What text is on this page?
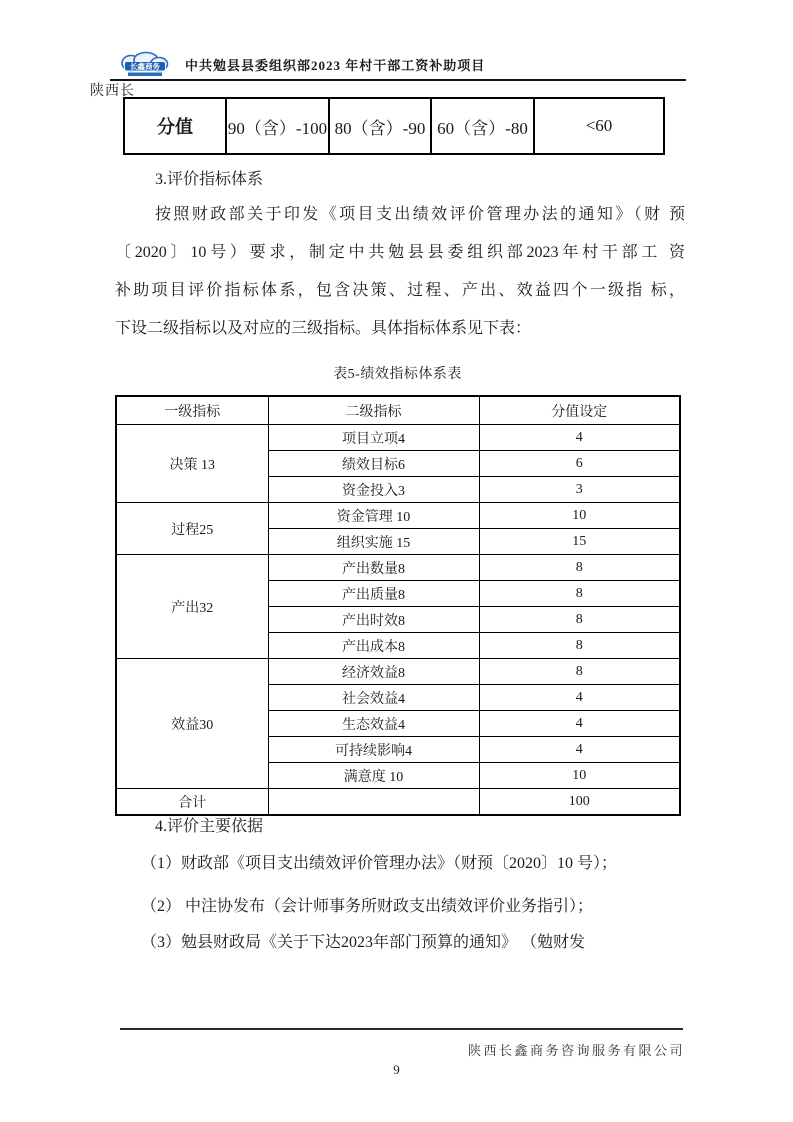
长鑫商务 中共勉县县委组织部2023 年村干部工资补助项目
陕西长
分值	90（含）-100	80（含）-90	60（含）-80	<60
3.评价指标体系
按照财政部关于印发《项目支出绩效评价管理办法的通知》（财 预
〔2020〕10号）要求，制定中共勉县县委组织部2023年村干部工 资
补助项目评价指标体系，包含决策、过程、产出、效益四个一级指 标，
下设二级指标以及对应的三级指标。具体指标体系见下表：
表5-绩效指标体系表
一级指标	二级指标	分值设定
决策 13	项目立项4	4
	绩效目标6	6
	资金投入3	3
过程25	资金管理 10	10
	组织实施 15	15
产出32	产出数量8	8
	产出质量8	8
	产出时效8	8
	产出成本8	8
效益30	经济效益8	8
	社会效益4	4
	生态效益4	4
	可持续影响4	4
	满意度 10	10
合计		100
4.评价主要依据
（1）财政部《项目支出绩效评价管理办法》（财预〔2020〕10 号）；
（2） 中注协发布（会计师事务所财政支出绩效评价业务指引）；
（3）勉县财政局《关于下达2023年部门预算的通知》 （勉财发
陕西长鑫商务咨询服务有限公司
9
